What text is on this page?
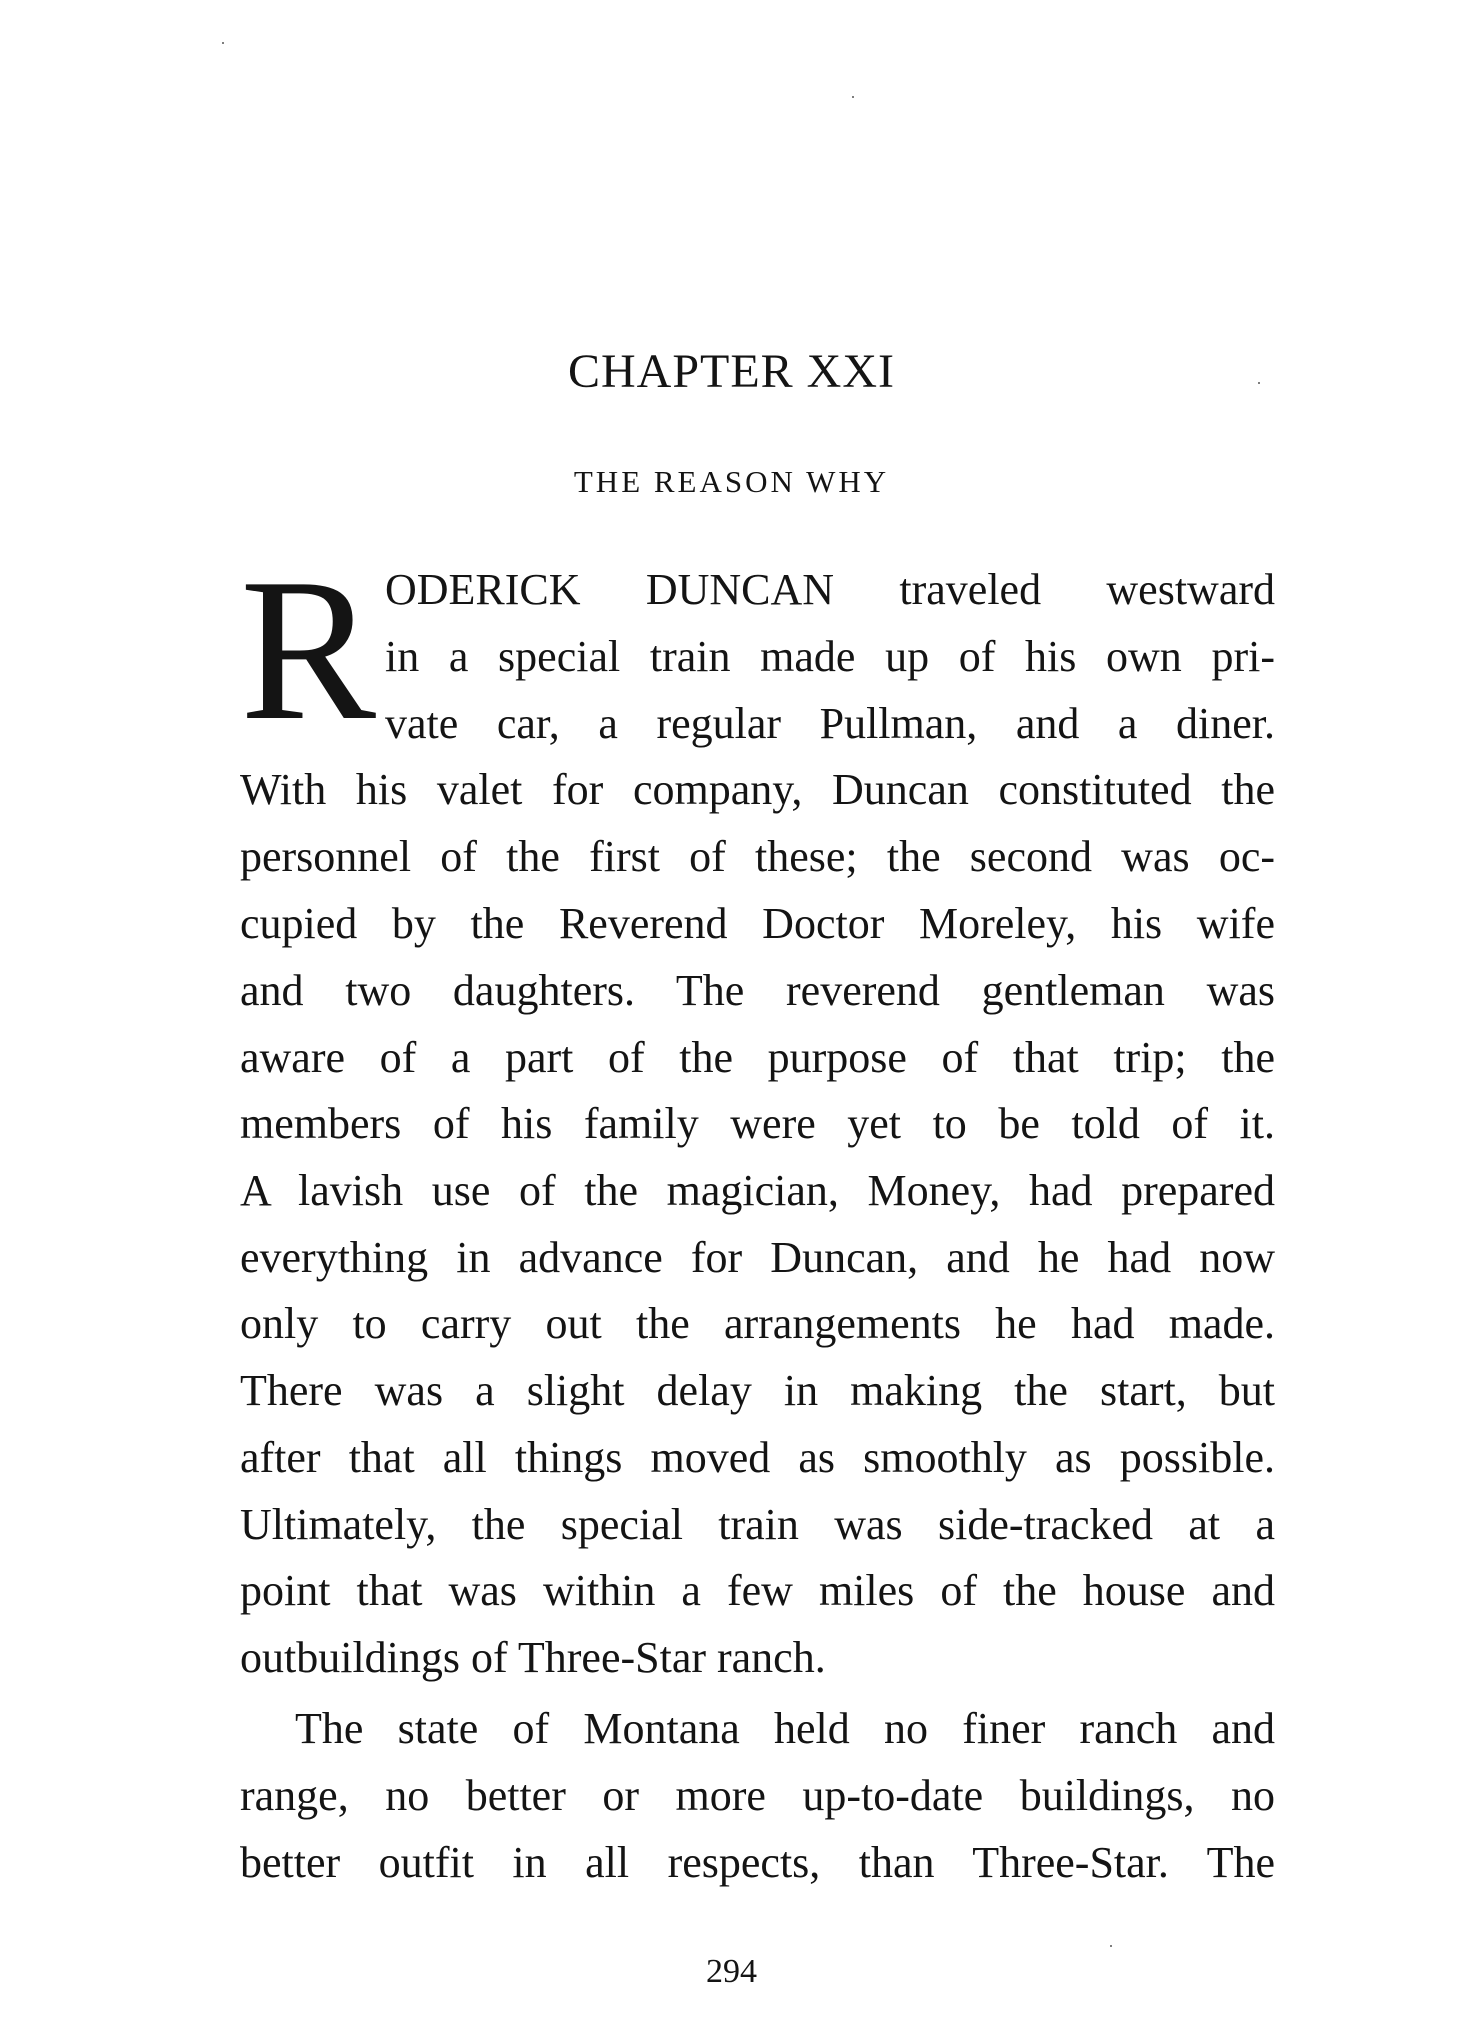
CHAPTER XXI
THE REASON WHY
R ODERICK DUNCAN traveled westward
in a special train made up of his own pri-
vate car, a regular Pullman, and a diner.
With his valet for company, Duncan constituted the
personnel of the first of these; the second was oc-
cupied by the Reverend Doctor Moreley, his wife
and two daughters. The reverend gentleman was
aware of a part of the purpose of that trip; the
members of his family were yet to be told of it.
A lavish use of the magician, Money, had prepared
everything in advance for Duncan, and he had now
only to carry out the arrangements he had made.
There was a slight delay in making the start, but
after that all things moved as smoothly as possible.
Ultimately, the special train was side-tracked at a
point that was within a few miles of the house and
outbuildings of Three-Star ranch.
The state of Montana held no finer ranch and
range, no better or more up-to-date buildings, no
better outfit in all respects, than Three-Star. The
294
